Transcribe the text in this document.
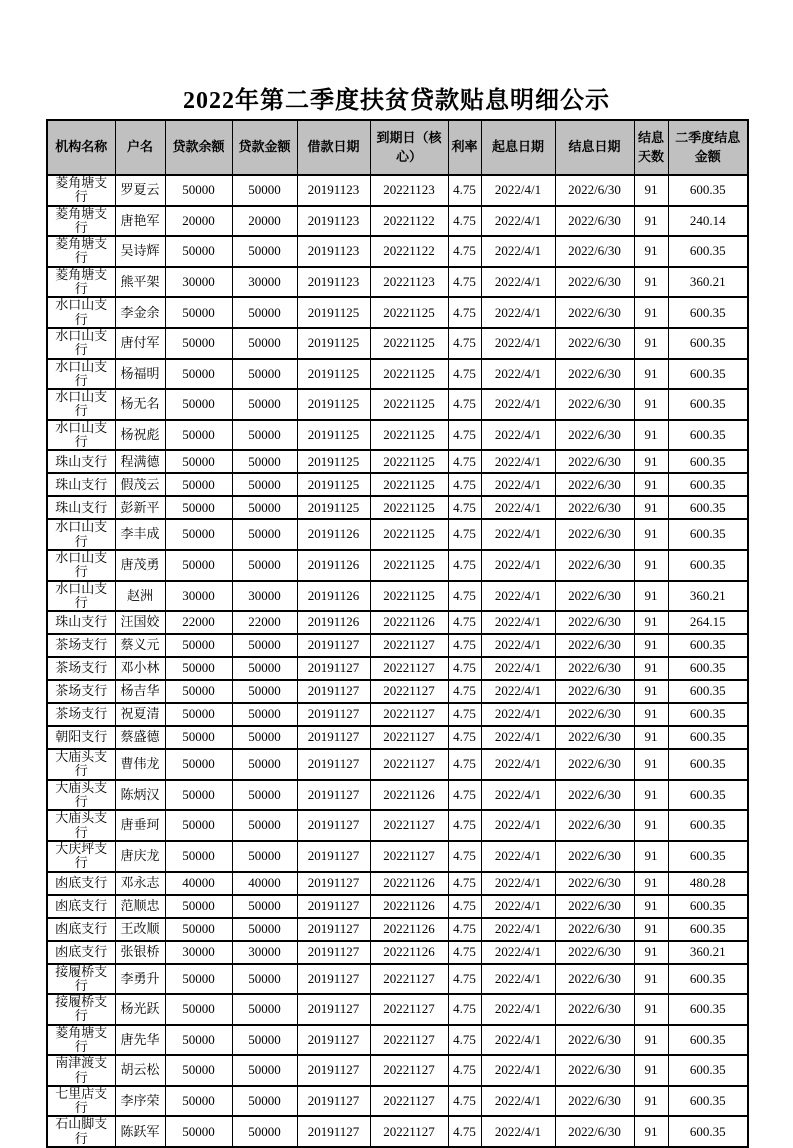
2022年第二季度扶贫贷款贴息明细公示
机构名称	户名	贷款余额	贷款金额	借款日期	到期日（核心）	利率	起息日期	结息日期	结息天数	二季度结息金额
菱角塘支行	罗夏云	50000	50000	20191123	20221123	4.75	2022/4/1	2022/6/30	91	600.35
菱角塘支行	唐艳军	20000	20000	20191123	20221122	4.75	2022/4/1	2022/6/30	91	240.14
菱角塘支行	吴诗辉	50000	50000	20191123	20221122	4.75	2022/4/1	2022/6/30	91	600.35
菱角塘支行	熊平架	30000	30000	20191123	20221123	4.75	2022/4/1	2022/6/30	91	360.21
水口山支行	李金余	50000	50000	20191125	20221125	4.75	2022/4/1	2022/6/30	91	600.35
水口山支行	唐付军	50000	50000	20191125	20221125	4.75	2022/4/1	2022/6/30	91	600.35
水口山支行	杨福明	50000	50000	20191125	20221125	4.75	2022/4/1	2022/6/30	91	600.35
水口山支行	杨无名	50000	50000	20191125	20221125	4.75	2022/4/1	2022/6/30	91	600.35
水口山支行	杨祝彪	50000	50000	20191125	20221125	4.75	2022/4/1	2022/6/30	91	600.35
珠山支行	程满德	50000	50000	20191125	20221125	4.75	2022/4/1	2022/6/30	91	600.35
珠山支行	假茂云	50000	50000	20191125	20221125	4.75	2022/4/1	2022/6/30	91	600.35
珠山支行	彭新平	50000	50000	20191125	20221125	4.75	2022/4/1	2022/6/30	91	600.35
水口山支行	李丰成	50000	50000	20191126	20221125	4.75	2022/4/1	2022/6/30	91	600.35
水口山支行	唐茂勇	50000	50000	20191126	20221125	4.75	2022/4/1	2022/6/30	91	600.35
水口山支行	赵洲	30000	30000	20191126	20221125	4.75	2022/4/1	2022/6/30	91	360.21
珠山支行	汪国姣	22000	22000	20191126	20221126	4.75	2022/4/1	2022/6/30	91	264.15
茶场支行	蔡义元	50000	50000	20191127	20221127	4.75	2022/4/1	2022/6/30	91	600.35
茶场支行	邓小林	50000	50000	20191127	20221127	4.75	2022/4/1	2022/6/30	91	600.35
茶场支行	杨吉华	50000	50000	20191127	20221127	4.75	2022/4/1	2022/6/30	91	600.35
茶场支行	祝夏清	50000	50000	20191127	20221127	4.75	2022/4/1	2022/6/30	91	600.35
朝阳支行	蔡盛德	50000	50000	20191127	20221127	4.75	2022/4/1	2022/6/30	91	600.35
大庙头支行	曹伟龙	50000	50000	20191127	20221127	4.75	2022/4/1	2022/6/30	91	600.35
大庙头支行	陈炳汉	50000	50000	20191127	20221126	4.75	2022/4/1	2022/6/30	91	600.35
大庙头支行	唐垂珂	50000	50000	20191127	20221127	4.75	2022/4/1	2022/6/30	91	600.35
大庆坪支行	唐庆龙	50000	50000	20191127	20221127	4.75	2022/4/1	2022/6/30	91	600.35
凼底支行	邓永志	40000	40000	20191127	20221126	4.75	2022/4/1	2022/6/30	91	480.28
凼底支行	范顺忠	50000	50000	20191127	20221126	4.75	2022/4/1	2022/6/30	91	600.35
凼底支行	王改顺	50000	50000	20191127	20221126	4.75	2022/4/1	2022/6/30	91	600.35
凼底支行	张银桥	30000	30000	20191127	20221126	4.75	2022/4/1	2022/6/30	91	360.21
接履桥支行	李勇升	50000	50000	20191127	20221127	4.75	2022/4/1	2022/6/30	91	600.35
接履桥支行	杨光跃	50000	50000	20191127	20221127	4.75	2022/4/1	2022/6/30	91	600.35
菱角塘支行	唐先华	50000	50000	20191127	20221127	4.75	2022/4/1	2022/6/30	91	600.35
南津渡支行	胡云松	50000	50000	20191127	20221127	4.75	2022/4/1	2022/6/30	91	600.35
七里店支行	李序荣	50000	50000	20191127	20221127	4.75	2022/4/1	2022/6/30	91	600.35
石山脚支行	陈跃军	50000	50000	20191127	20221127	4.75	2022/4/1	2022/6/30	91	600.35
